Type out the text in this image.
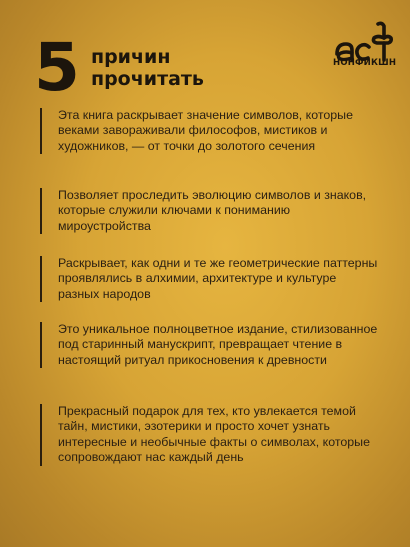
5 причин
прочитать
НОНФИКШН
Эта книга раскрывает значение символов, которые веками завораживали философов, мистиков и художников, — от точки до золотого сечения
Позволяет проследить эволюцию символов и знаков, которые служили ключами к пониманию мироустройства
Раскрывает, как одни и те же геометрические паттерны проявлялись в алхимии, архитектуре и культуре разных народов
Это уникальное полноцветное издание, стилизованное под старинный манускрипт, превращает чтение в настоящий ритуал прикосновения к древности
Прекрасный подарок для тех, кто увлекается темой тайн, мистики, эзотерики и просто хочет узнать интересные и необычные факты о символах, которые сопровождают нас каждый день
